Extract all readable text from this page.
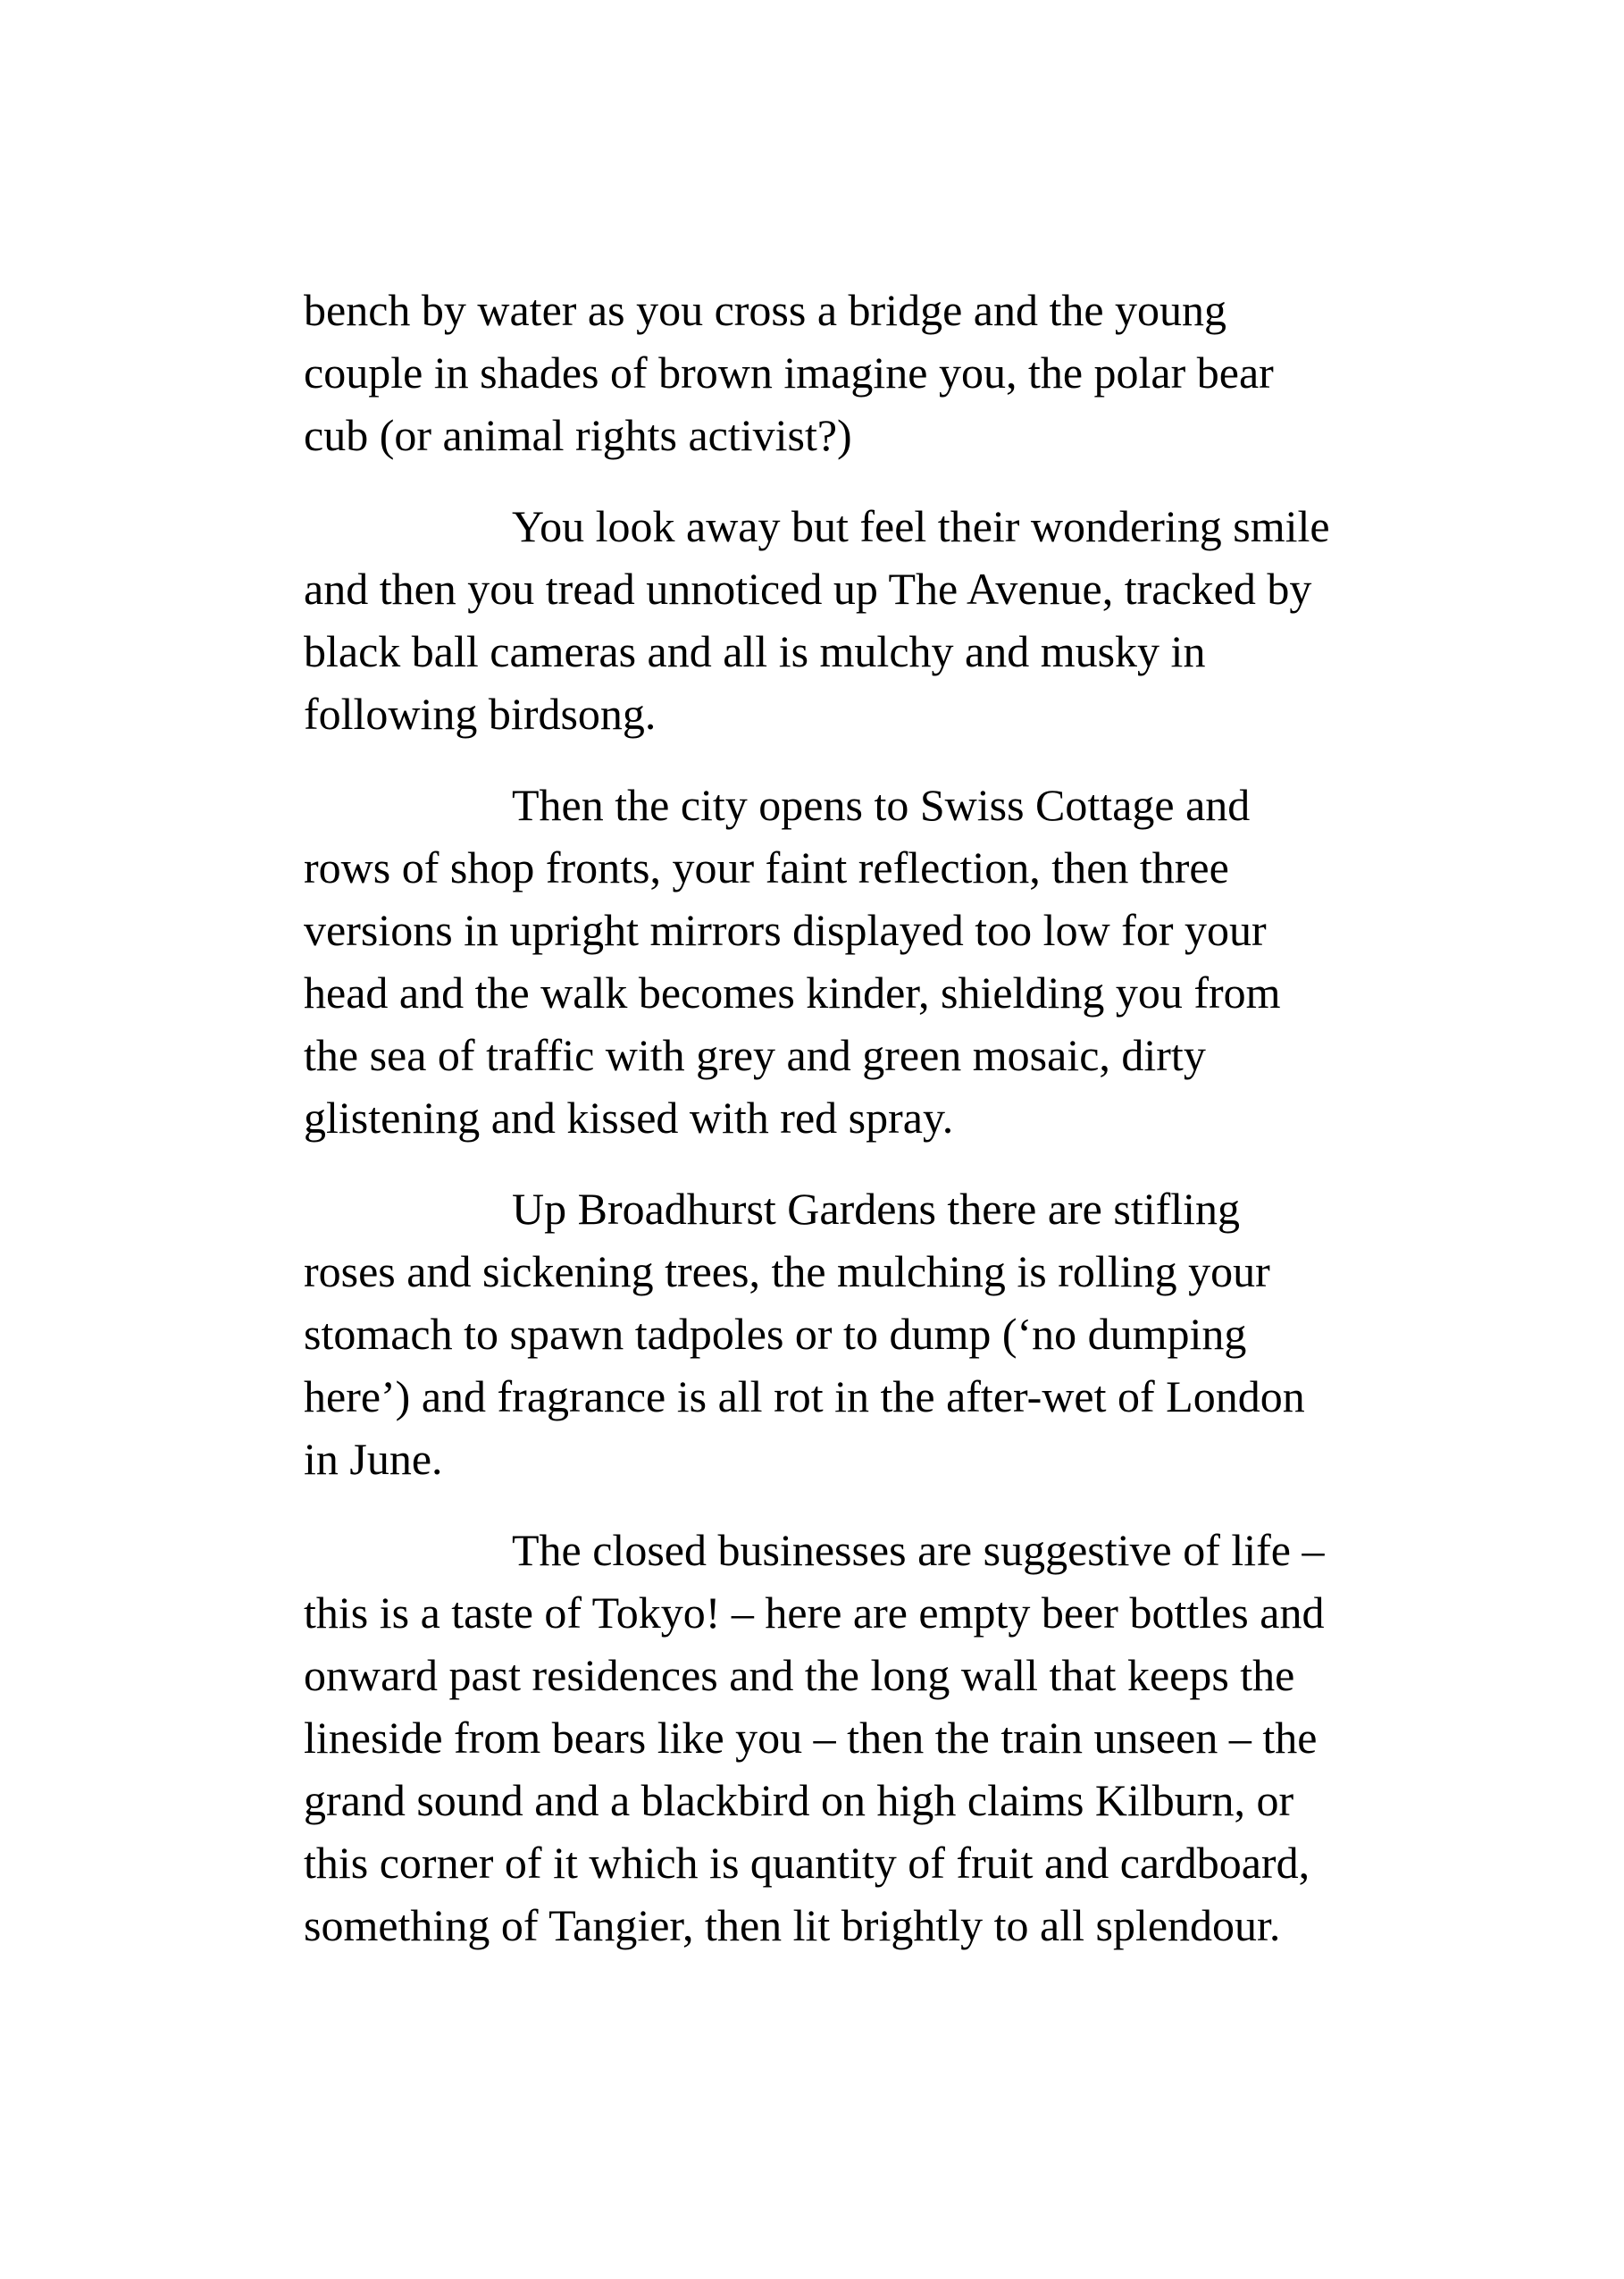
bench by water as you cross a bridge and the young
couple in shades of brown imagine you, the polar bear
cub (or animal rights activist?)
You look away but feel their wondering smile
and then you tread unnoticed up The Avenue, tracked by
black ball cameras and all is mulchy and musky in
following birdsong.
Then the city opens to Swiss Cottage and
rows of shop fronts, your faint reflection, then three
versions in upright mirrors displayed too low for your
head and the walk becomes kinder, shielding you from
the sea of traffic with grey and green mosaic, dirty
glistening and kissed with red spray.
Up Broadhurst Gardens there are stifling
roses and sickening trees, the mulching is rolling your
stomach to spawn tadpoles or to dump (‘no dumping
here’) and fragrance is all rot in the after-wet of London
in June.
The closed businesses are suggestive of life –
this is a taste of Tokyo! – here are empty beer bottles and
onward past residences and the long wall that keeps the
lineside from bears like you – then the train unseen – the
grand sound and a blackbird on high claims Kilburn, or
this corner of it which is quantity of fruit and cardboard,
something of Tangier, then lit brightly to all splendour.
